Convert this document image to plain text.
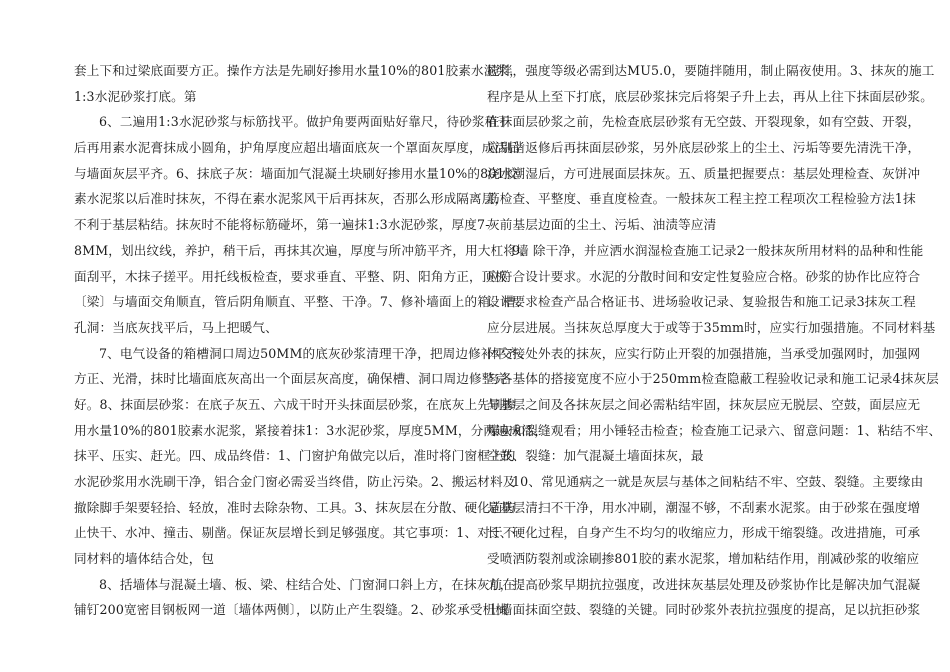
套上下和过梁底面要方正。操作方法是先刷好掺用水量10%的801胶素水泥浆，
1:3水泥砂浆打底。第
6、二遍用1:3水泥砂浆与标筋找平。做护角要两面贴好靠尺，待砂浆稍干
后再用素水泥膏抹成小圆角，护角厚度应超出墙面底灰一个罩面灰厚度，成活后
与墙面灰层平齐。6、抹底子灰：墙面加气混凝土块刷好掺用水量10%的801胶
素水泥浆以后准时抹灰，不得在素水泥浆风干后再抹灰，否那么形成隔离层，
不利于基层粘结。抹灰时不能将标筋碰坏，第一遍抹1:3水泥砂浆，厚度7-
8MM，划出纹线，养护，稍干后，再抹其次遍，厚度与所冲筋平齐，用大杠将墙
面刮平，木抹子搓平。用托线板检查，要求垂直、平整、阴、阳角方正，顶板
〔梁〕与墙面交角顺直，管后阴角顺直、平整、干净。7、修补墙面上的箱、槽、
孔洞：当底灰找平后，马上把暖气、
7、电气设备的箱槽洞口周边50MM的底灰砂浆清理干净，把周边修补平齐、
方正、光滑，抹时比墙面底灰高出一个面层灰高度，确保槽、洞口周边修整完
好。8、抹面层砂浆：在底子灰五、六成干时开头抹面层砂浆，在底灰上先刷掺
用水量10%的801胶素水泥浆，紧接着抹1：3水泥砂浆，厚度5MM，分两遍成活，
抹平、压实、赶光。四、成品终借：1、门窗护角做完以后，准时将门窗框上的
水泥砂浆用水洗刷干净，铝合金门窗必需妥当终借，防止污染。2、搬运材料及
撤除脚手架要轻拾、轻放，准时去除杂物、工具。3、抹灰层在分散、硬化前防
止快干、水冲、撞击、剔凿。保证灰层增长到足够强度。其它事项：1、对于不
同材料的墙体结合处，包
8、括墙体与混凝土墙、板、梁、柱结合处、门窗洞口斜上方，在抹灰前在
铺钉200宽密目钢板网一道〔墙体两侧〕，以防止产生裂缝。2、砂浆承受机械
搅拌，强度等级必需到达MU5.0，要随拌随用，制止隔夜使用。3、抹灰的施工
程序是从上至下打底，底层砂浆抹完后将架子升上去，再从上往下抹面层砂浆。
在抹面层砂浆之前，先检查底层砂浆有无空鼓、开裂现象，如有空鼓、开裂，
应剔凿返修后再抹面层砂浆，另外底层砂浆上的尘土、污垢等要先清洗干净，
浇水潮湿后，方可进展面层抹灰。五、质量把握要点：基层处理检查、灰饼冲
筋检查、平整度、垂直度检查。一般抹灰工程主控工程项次工程检验方法1抹
灰前基层边面的尘土、污垢、油渍等应清
9、除干净，并应洒水润湿检查施工记录2一般抹灰所用材料的品种和性能
应符合设计要求。水泥的分散时间和安定性复验应合格。砂浆的协作比应符合
设计要求检查产品合格证书、进场验收记录、复验报告和施工记录3抹灰工程
应分层进展。当抹灰总厚度大于或等于35mm时，应实行加强措施。不同材料基
体交接处外表的抹灰，应实行防止开裂的加强措施，当承受加强网时，加强网
与各基体的搭接宽度不应小于250mm检查隐蔽工程验收记录和施工记录4抹灰层
与基层之间及各抹灰层之间必需粘结牢固，抹灰层应无脱层、空鼓，面层应无
爆灰和裂缝观看；用小锤轻击检查；检查施工记录六、留意问题：1、粘结不牢、
空鼓、裂缝：加气混凝土墙面抹灰，最
10、常见通病之一就是灰层与基体之间粘结不牢、空鼓、裂缝。主要缘由
是基层清扫不干净，用水冲刷，潮湿不够，不刮素水泥浆。由于砂浆在强度增
长、硬化过程，自身产生不均匀的收缩应力，形成干缩裂缝。改进措施，可承
受喷洒防裂剂或涂刷掺801胶的素水泥浆，增加粘结作用，削减砂浆的收缩应
力，提高砂浆早期抗拉强度，改进抹灰基层处理及砂浆协作比是解决加气混凝
土墙面抹面空鼓、裂缝的关键。同时砂浆外表抗拉强度的提高，足以抗拒砂浆
